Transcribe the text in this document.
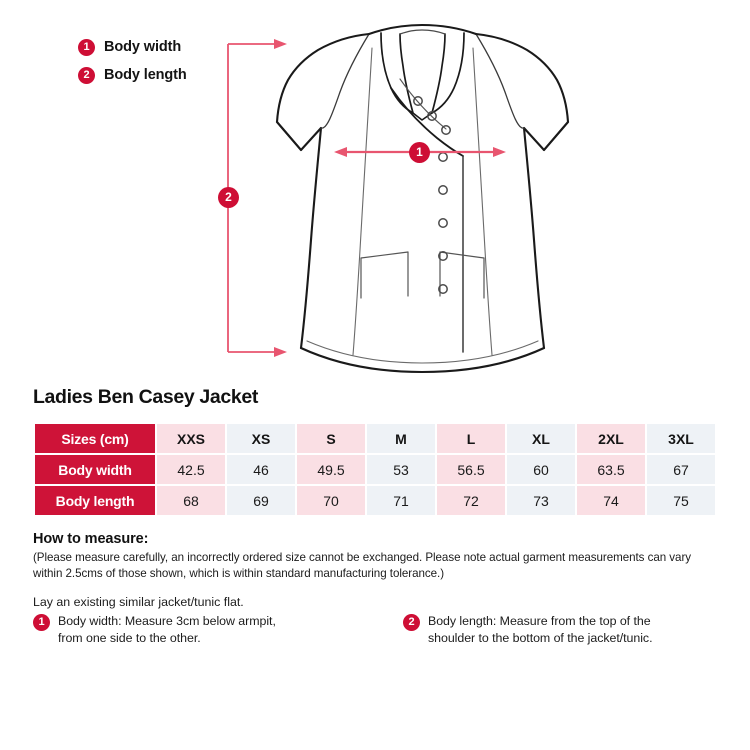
1 Body width
2 Body length
1
2
Ladies Ben Casey Jacket
Sizes (cm)	XXS	XS	S	M	L	XL	2XL	3XL
Body width	42.5	46	49.5	53	56.5	60	63.5	67
Body length	68	69	70	71	72	73	74	75
How to measure:
(Please measure carefully, an incorrectly ordered size cannot be exchanged. Please note actual garment measurements can vary within 2.5cms of those shown, which is within standard manufacturing tolerance.)
Lay an existing similar jacket/tunic flat.
1	Body width: Measure 3cm below armpit,
from one side to the other.
2	Body length: Measure from the top of the
shoulder to the bottom of the jacket/tunic.
